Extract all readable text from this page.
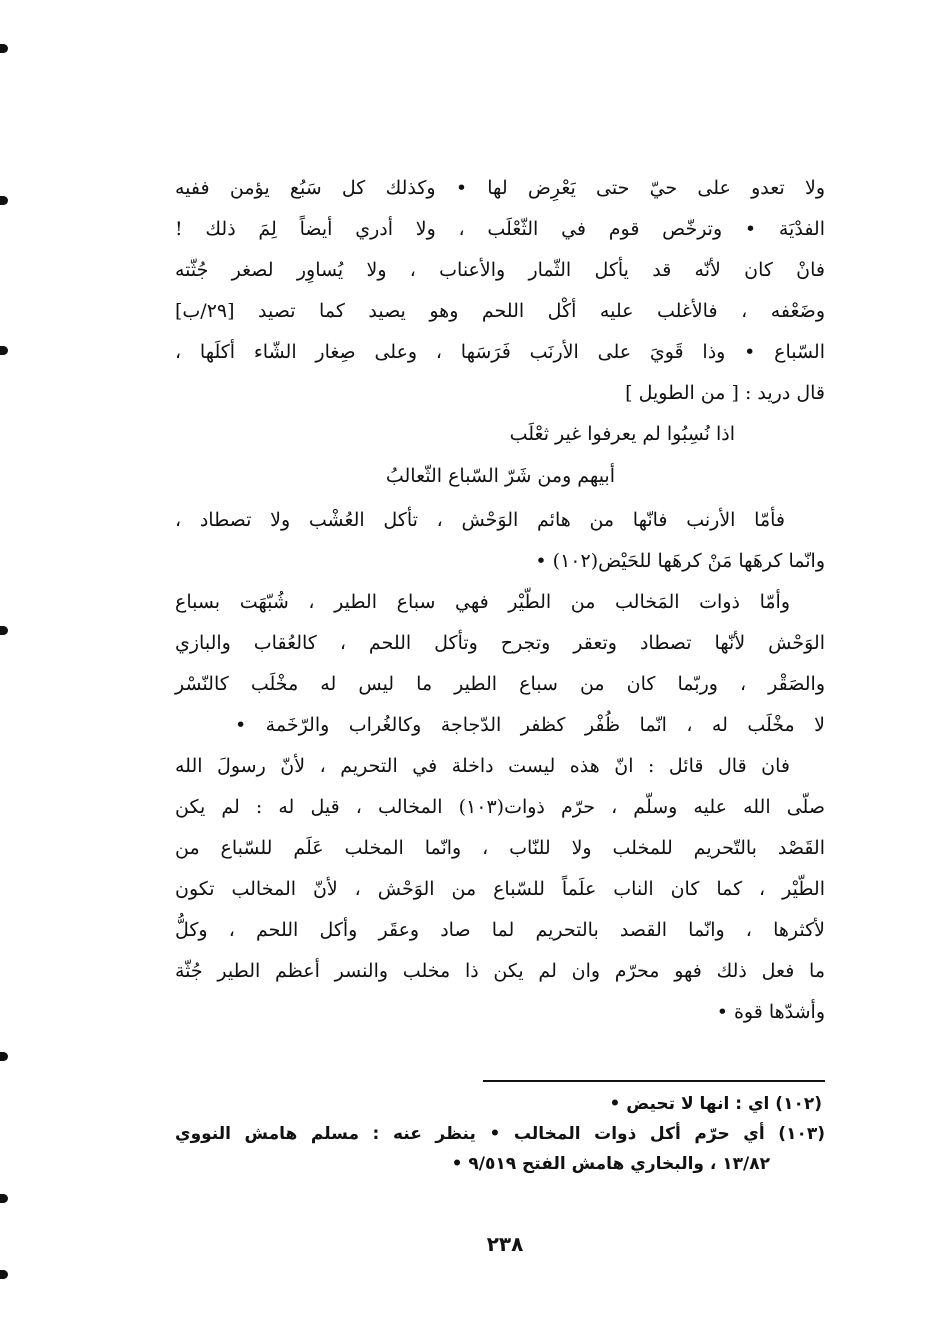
ولا تعدو على حيّ حتى يَعْرِض لها • وكذلك كل سَبُع يؤمن ففيه
الفدْيَة • وترخّص قوم في الثّعْلَب ، ولا أدري أيضاً لِمَ ذلك !
فانْ كان لأنّه قد يأكل الثّمار والأعناب ، ولا يُساوِر لصغر جُثّته
وضَعْفه ، فالأغلب عليه أكْل اللحم وهو يصيد كما تصيد [٢٩/ب]
السّباع • وذا قَويَ على الأرنَب فَرَسَها ، وعلى صِغار الشّاء أكلَها ،
قال دريد : [ من الطويل ]
اذا نُسِبُوا لم يعرفوا غير ثعْلَب
أبيهم ومن شَرّ السّباع الثّعالبُ
فأمّا الأرنب فانّها من هائم الوَحْش ، تأكل العُشْب ولا تصطاد ،
وانّما كرهَها مَنْ كرهَها للحَيْض(١٠٢) •
وأمّا ذوات المَخالب من الطّيْر فهي سباع الطير ، شُبّهَت بسباع
الوَحْش لأنّها تصطاد وتعقر وتجرح وتأكل اللحم ، كالعُقاب والبازي
والصَقْر ، وربّما كان من سباع الطير ما ليس له مخْلَب كالنّسْر
لا مخْلَب له ، انّما ظُفْر كظفر الدّجاجة وكالغُراب والرّخَمة •
فان قال قائل : انّ هذه ليست داخلة في التحريم ، لأنّ رسولَ الله
صلّى الله عليه وسلّم ، حرّم ذوات(١٠٣) المخالب ، قيل له : لم يكن
القَصْد بالتّحريم للمخلب ولا للنّاب ، وانّما المخلب عَلَم للسّباع من
الطّيْر ، كما كان الناب علَماً للسّباع من الوَحْش ، لأنّ المخالب تكون
لأكثرها ، وانّما القصد بالتحريم لما صاد وعقَر وأكل اللحم ، وكلُّ
ما فعل ذلك فهو محرّم وان لم يكن ذا مخلب والنسر أعظم الطير جُثّة
وأشدّها قوة •
(١٠٢) اي : انها لا تحيض •
(١٠٣) أي حرّم أكل ذوات المخالب • ينظر عنه : مسلم هامش النووي
١٣/٨٢ ، والبخاري هامش الفتح ٩/٥١٩ •
٢٣٨
